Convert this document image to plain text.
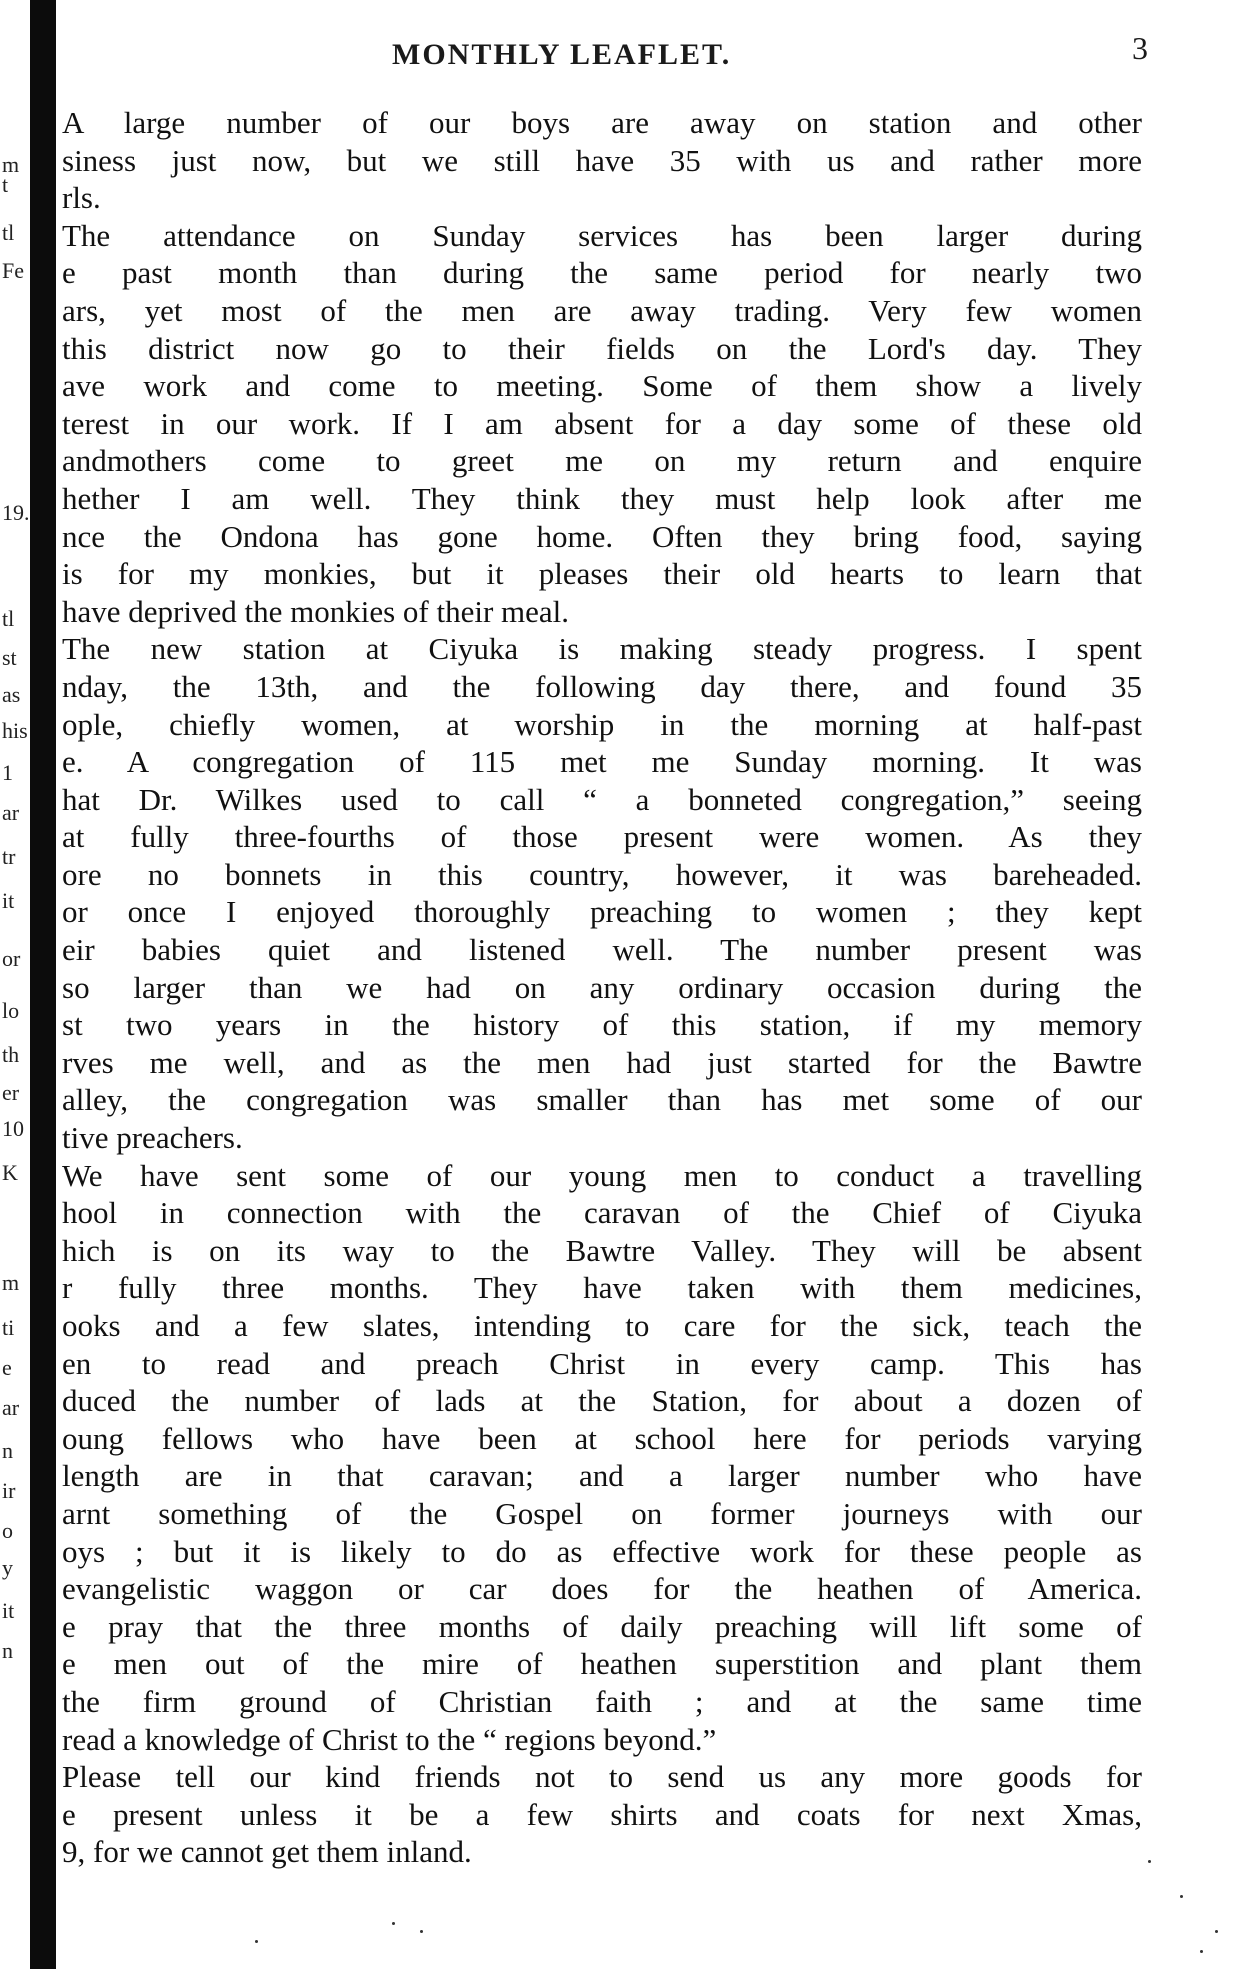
m
t
tl
Fe
19.
tl
st
as
his
1
ar
tr
it
or
lo
th
er
10
K
m
ti
e
ar
n
ir
o
y
it
n
MONTHLY LEAFLET.	3
A large number of our boys are away on station and other
siness just now, but we still have 35 with us and rather more
rls.
The attendance on Sunday services has been larger during
e past month than during the same period for nearly two
ars, yet most of the men are away trading. Very few women
this district now go to their fields on the Lord's day. They
ave work and come to meeting. Some of them show a lively
terest in our work. If I am absent for a day some of these old
andmothers come to greet me on my return and enquire
hether I am well. They think they must help look after me
nce the Ondona has gone home. Often they bring food, saying
is for my monkies, but it pleases their old hearts to learn that
have deprived the monkies of their meal.
The new station at Ciyuka is making steady progress. I spent
nday, the 13th, and the following day there, and found 35
ople, chiefly women, at worship in the morning at half-past
e. A congregation of 115 met me Sunday morning. It was
hat Dr. Wilkes used to call “ a bonneted congregation,” seeing
at fully three-fourths of those present were women. As they
ore no bonnets in this country, however, it was bareheaded.
or once I enjoyed thoroughly preaching to women ; they kept
eir babies quiet and listened well. The number present was
so larger than we had on any ordinary occasion during the
st two years in the history of this station, if my memory
rves me well, and as the men had just started for the Bawtre
alley, the congregation was smaller than has met some of our
tive preachers.
We have sent some of our young men to conduct a travelling
hool in connection with the caravan of the Chief of Ciyuka
hich is on its way to the Bawtre Valley. They will be absent
r fully three months. They have taken with them medicines,
ooks and a few slates, intending to care for the sick, teach the
en to read and preach Christ in every camp. This has
duced the number of lads at the Station, for about a dozen of
oung fellows who have been at school here for periods varying
length are in that caravan; and a larger number who have
arnt something of the Gospel on former journeys with our
oys ; but it is likely to do as effective work for these people as
evangelistic waggon or car does for the heathen of America.
e pray that the three months of daily preaching will lift some of
e men out of the mire of heathen superstition and plant them
the firm ground of Christian faith ; and at the same time
read a knowledge of Christ to the “ regions beyond.”
Please tell our kind friends not to send us any more goods for
e present unless it be a few shirts and coats for next Xmas,
9, for we cannot get them inland.
